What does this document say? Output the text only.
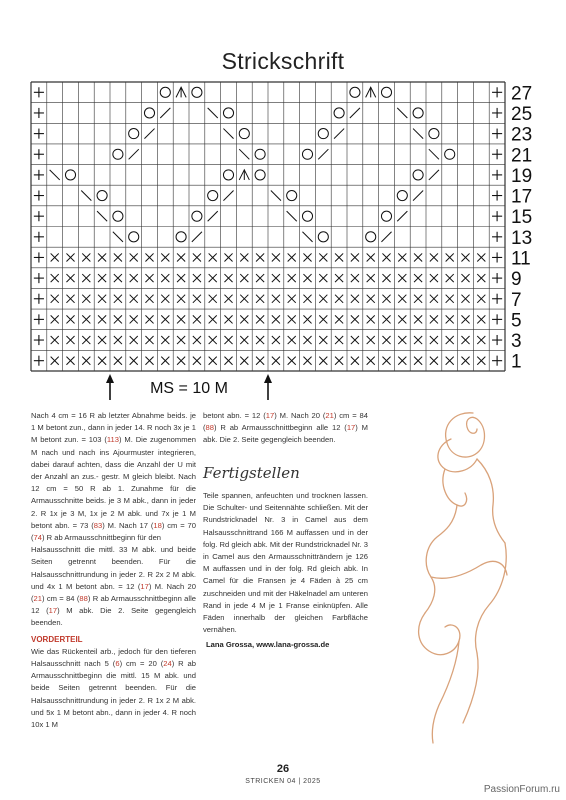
Strickschrift
27
25
23
21
19
17
15
13
11
9
7
5
3
1
MS = 10 M

Nach 4 cm = 16 R ab letzter Abnahme beids. je 1 M betont zun., dann in jeder 14. R noch 3x je 1 M betont zun. = 103 (113) M. Die zugenommen M nach und nach ins Ajourmuster integrieren, dabei darauf achten, dass die Anzahl der U mit der Anzahl an zus.- gestr. M gleich bleibt. Nach 12 cm = 50 R ab 1. Zunahme für die Armausschnitte beids. je 3 M abk., dann in jeder 2. R 1x je 3 M, 1x je 2 M abk. und 7x je 1 M betont abn. = 73 (83) M. Nach 17 (18) cm = 70 (74) R ab Armausschnittbeginn für den

Halsausschnitt die mittl. 33 M abk. und beide Seiten getrennt beenden. Für die Halsausschnittrundung in jeder 2. R 2x 2 M abk. und 4x 1 M betont abn. = 12 (17) M. Nach 20 (21) cm = 84 (88) R ab Armausschnittbeginn alle 12 (17) M abk. Die 2. Seite gegengleich beenden.

VORDERTEIL

Wie das Rückenteil arb., jedoch für den tieferen Halsausschnitt nach 5 (6) cm = 20 (24) R ab Armausschnittbeginn die mittl. 15 M abk. und beide Seiten getrennt beenden. Für die Halsausschnittrundung in jeder 2. R 1x 2 M abk. und 5x 1 M betont abn., dann in jeder 4. R noch 10x 1 M

betont abn. = 12 (17) M. Nach 20 (21) cm = 84 (88) R ab Armausschnittbeginn alle 12 (17) M abk. Die 2. Seite gegengleich beenden.

Fertigstellen

Teile spannen, anfeuchten und trocknen lassen. Die Schulter- und Seitennähte schließen. Mit der Rundstricknadel Nr. 3 in Camel aus dem Halsausschnittrand 166 M auffassen und in der folg. Rd gleich abk. Mit der Rundstricknadel Nr. 3 in Camel aus den Armausschnitträndern je 126 M auffassen und in der folg. Rd gleich abk. In Camel für die Fransen je 4 Fäden à 25 cm zuschneiden und mit der Häkelnadel am unteren Rand in jede 4 M je 1 Franse einknüpfen. Alle Fäden innerhalb der gleichen Farbfläche vernähen.

Lana Grossa, www.lana-grossa.de
26
STRICKEN 04 | 2025
PassionForum.ru
